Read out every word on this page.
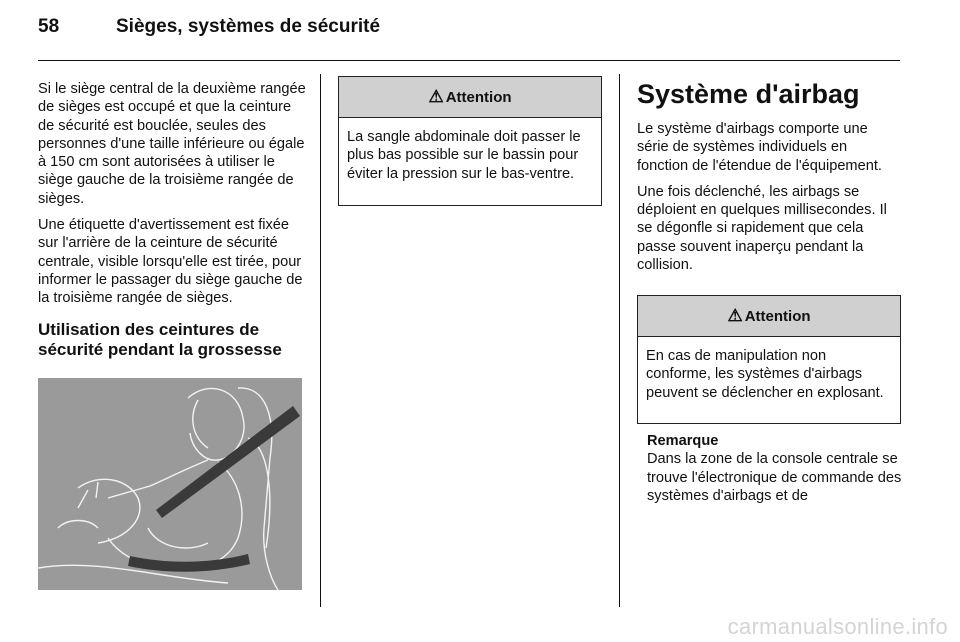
58	Sièges, systèmes de sécurité

Si le siège central de la deuxième rangée de sièges est occupé et que la ceinture de sécurité est bouclée, seules des personnes d'une taille inférieure ou égale à 150 cm sont autorisées à utiliser le siège gauche de la troisième rangée de sièges.

Une étiquette d'avertissement est fixée sur l'arrière de la ceinture de sécurité centrale, visible lorsqu'elle est tirée, pour informer le passager du siège gauche de la troisième rangée de sièges.

Utilisation des ceintures de sécurité pendant la grossesse
⚠ Attention
La sangle abdominale doit passer le plus bas possible sur le bassin pour éviter la pression sur le bas-ventre.
Système d'airbag

Le système d'airbags comporte une série de systèmes individuels en fonction de l'étendue de l'équipement.

Une fois déclenché, les airbags se déploient en quelques millisecondes. Il se dégonfle si rapidement que cela passe souvent inaperçu pendant la collision.

⚠ Attention
En cas de manipulation non conforme, les systèmes d'airbags peuvent se déclencher en explosant.
Remarque
Dans la zone de la console centrale se trouve l'électronique de commande des systèmes d'airbags et de
carmanualsonline.info
